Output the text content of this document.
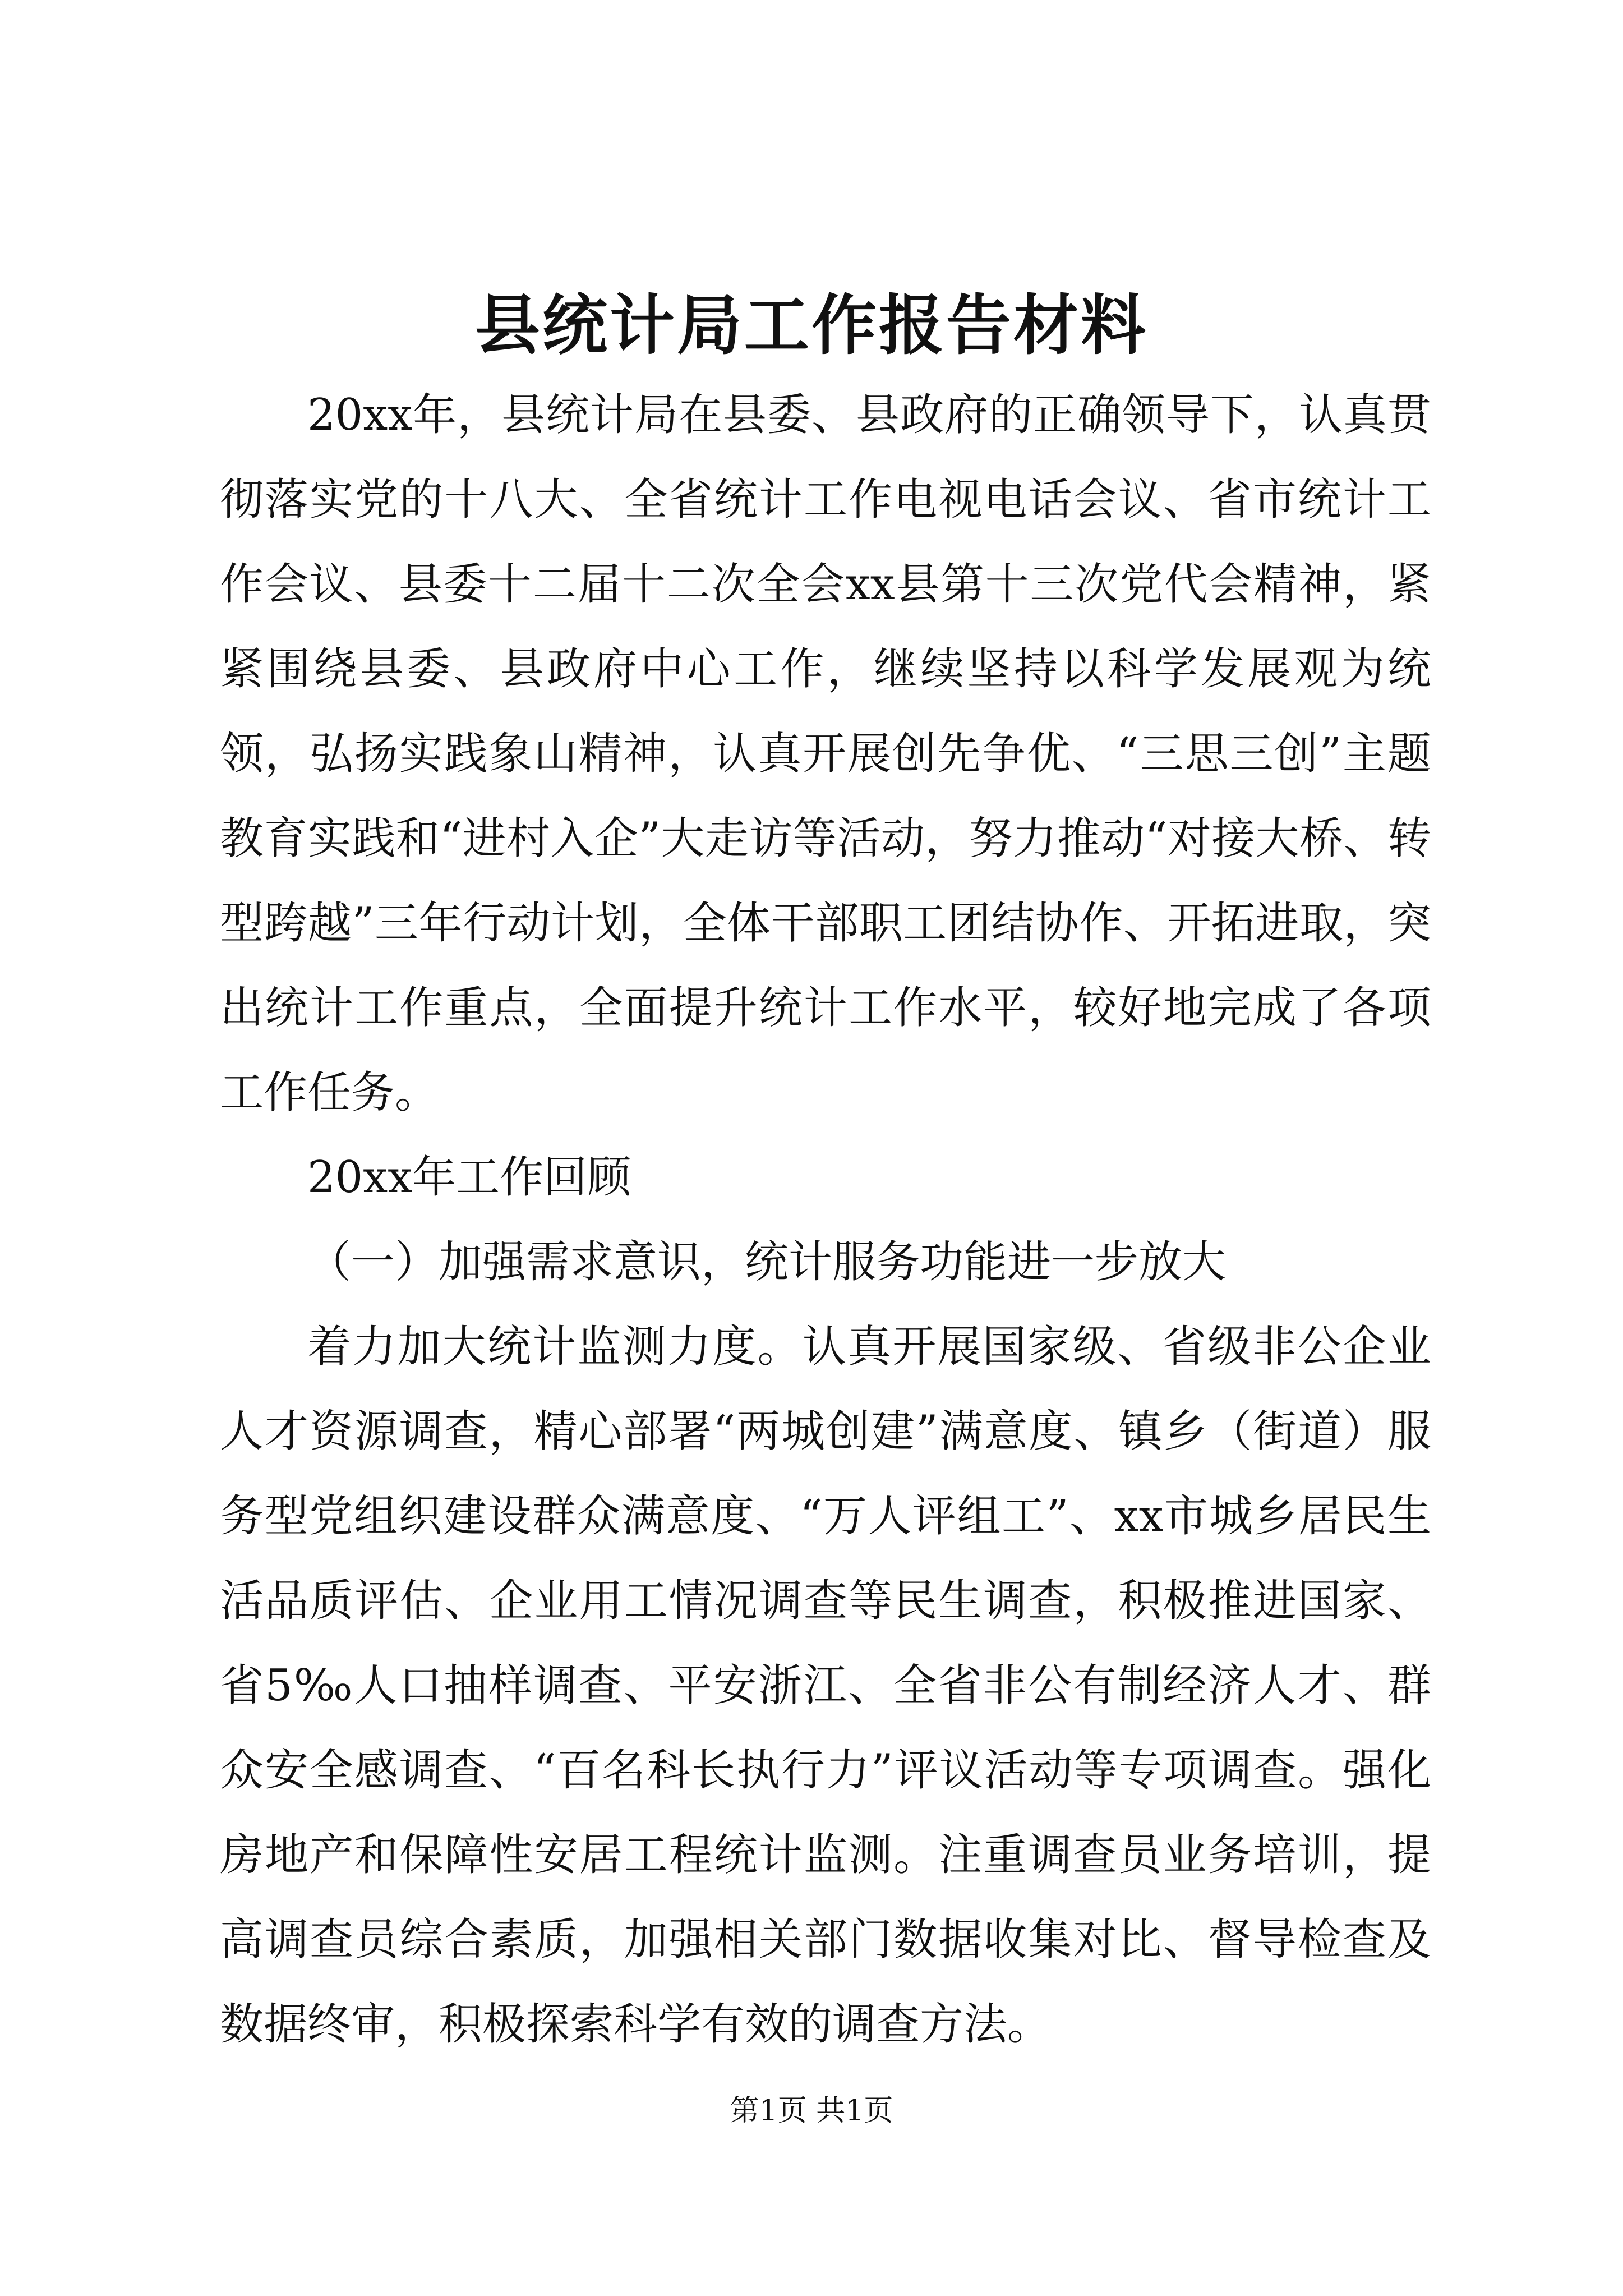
县统计局工作报告材料

20xx年，县统计局在县委、县政府的正确领导下，认真贯彻落实党的十八大、全省统计工作电视电话会议、省市统计工作会议、县委十二届十二次全会xx县第十三次党代会精神，紧紧围绕县委、县政府中心工作，继续坚持以科学发展观为统领，弘扬实践象山精神，认真开展创先争优、“三思三创”主题教育实践和“进村入企”大走访等活动，努力推动“对接大桥、转型跨越”三年行动计划，全体干部职工团结协作、开拓进取，突出统计工作重点，全面提升统计工作水平，较好地完成了各项工作任务。

20xx年工作回顾

（一）加强需求意识，统计服务功能进一步放大

着力加大统计监测力度。认真开展国家级、省级非公企业人才资源调查，精心部署“两城创建”满意度、镇乡（街道）服务型党组织建设群众满意度、“万人评组工”、xx市城乡居民生活品质评估、企业用工情况调查等民生调查，积极推进国家、省5‰人口抽样调查、平安浙江、全省非公有制经济人才、群众安全感调查、“百名科长执行力”评议活动等专项调查。强化房地产和保障性安居工程统计监测。注重调查员业务培训，提高调查员综合素质，加强相关部门数据收集对比、督导检查及数据终审，积极探索科学有效的调查方法。

第1页 共1页
